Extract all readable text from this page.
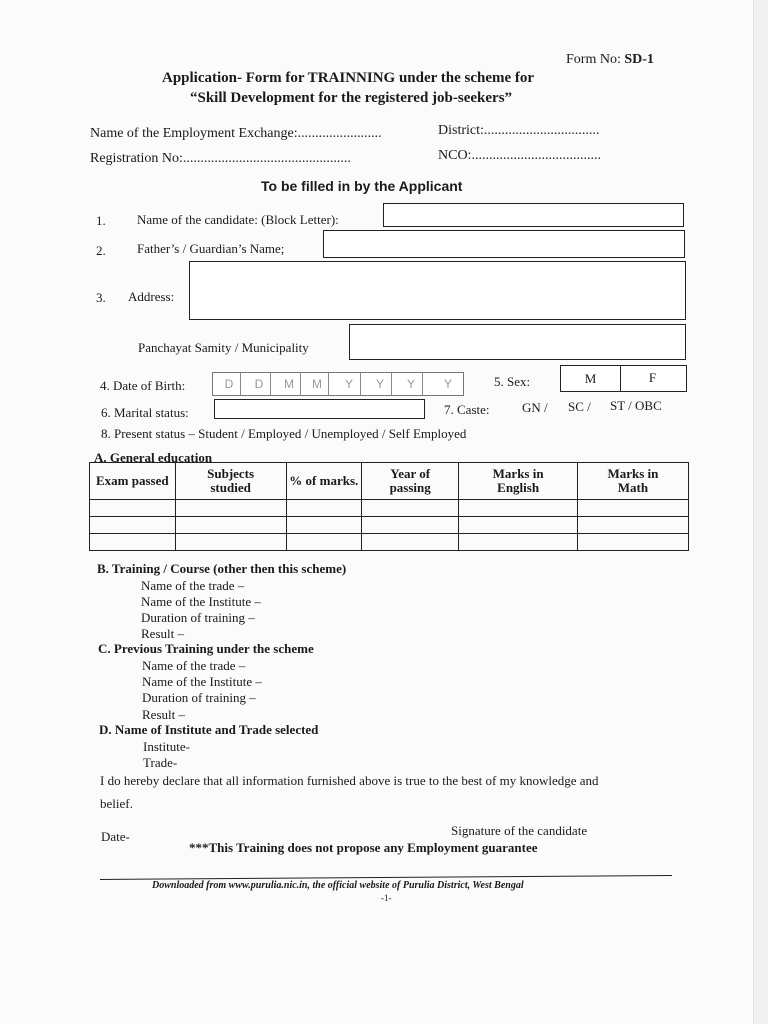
Form No: SD-1
Application- Form for TRAINNING under the scheme for
“Skill Development for the registered job-seekers”
Name of the Employment Exchange:........................	District:.................................
Registration No:................................................	NCO:.....................................
To be filled in by the Applicant
1. Name of the candidate: (Block Letter):
2. Father’s / Guardian’s Name;
3. Address:
Panchayat Samity / Municipality
4. Date of Birth:	D	D	M	M	Y	Y	Y	Y	5. Sex:	M	F
6. Marital status:	7. Caste:	GN / SC / ST / OBC
8. Present status – Student / Employed / Unemployed / Self Employed
A. General education
Exam passed	Subjects studied	% of marks.	Year of passing	Marks in English	Marks in Math

B. Training / Course (other then this scheme)
Name of the trade –
Name of the Institute –
Duration of training –
Result –
C. Previous Training under the scheme
Name of the trade –
Name of the Institute –
Duration of training –
Result –
D. Name of Institute and Trade selected
Institute-
Trade-
I do hereby declare that all information furnished above is true to the best of my knowledge and
belief.
Date-	Signature of the candidate
***This Training does not propose any Employment guarantee
Downloaded from www.purulia.nic.in, the official website of Purulia District, West Bengal
-1-
